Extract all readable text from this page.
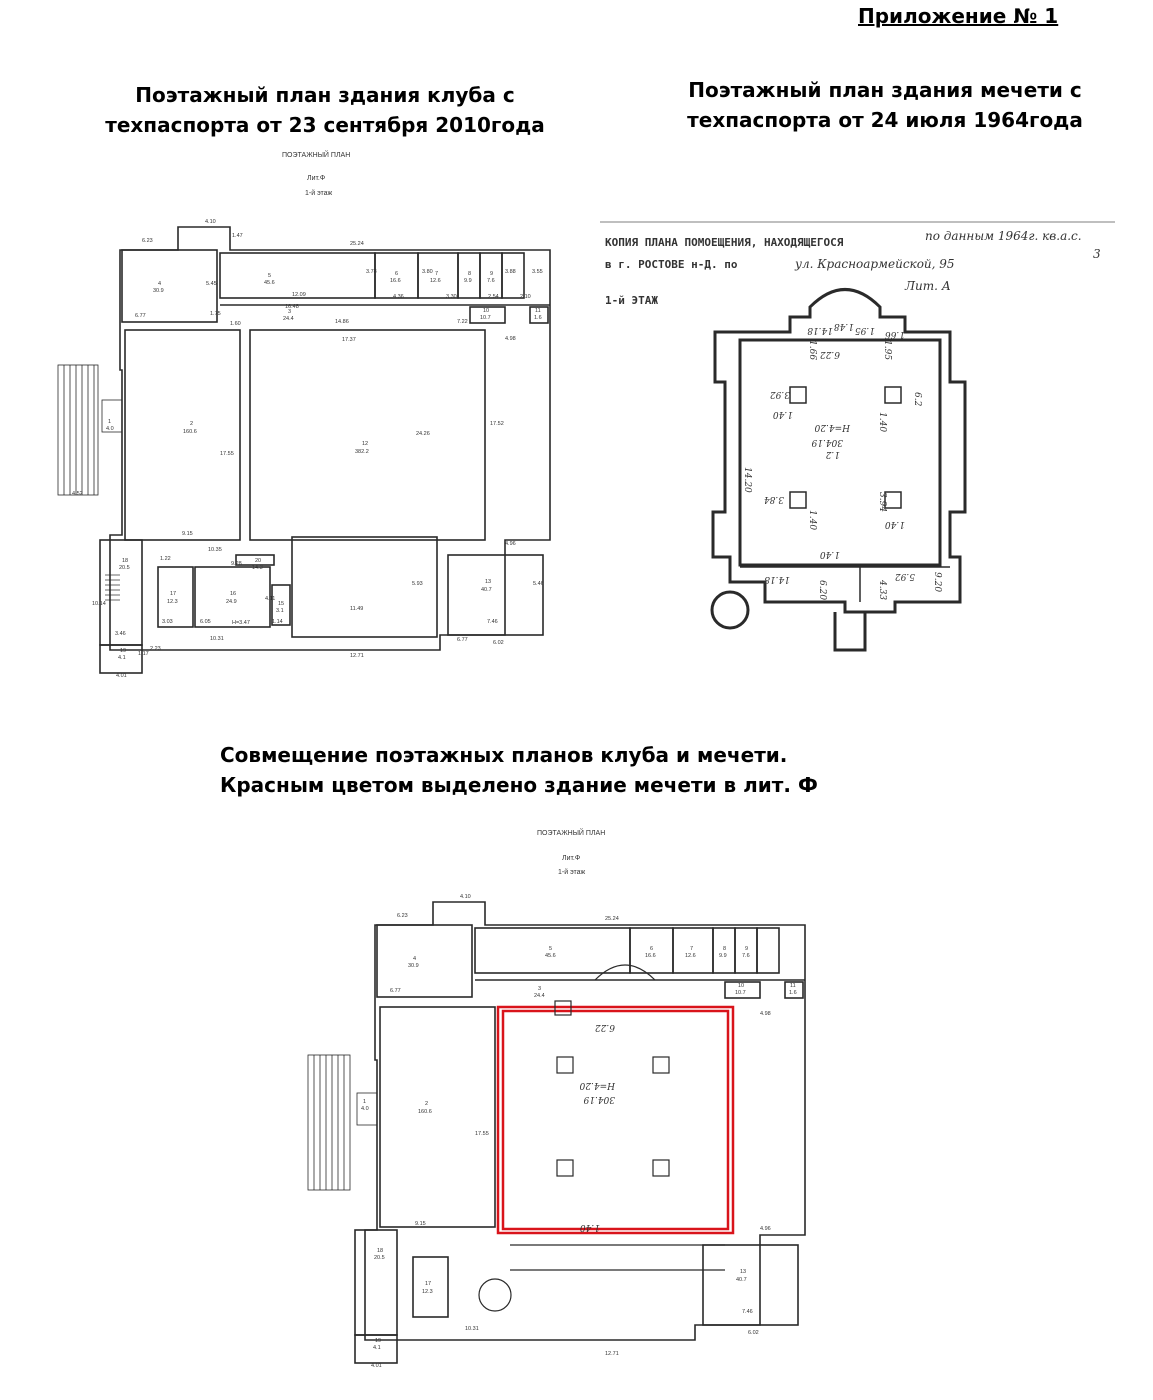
Приложение № 1
Поэтажный план здания клуба с
техпаспорта от 23 сентября 2010года
Поэтажный план здания мечети с
техпаспорта от 24 июля 1964года
Совмещение поэтажных планов клуба и мечети.
Красным цветом выделено здание мечети в лит. Ф
ПОЭТАЖНЫЙ ПЛАН
Лит.Ф
1-й этаж
4
30.9
5
45.6
6
16.6
7
12.6
8
9.9
9
7.6
3
24.4
10
10.7
11
1.6
2
160.6
12
382.2
1
4.0
13
40.7
15
3.1
16
24.9
17
12.3
18
20.5
19
4.1
20
14.3
Н=3.47
4.10
6.23
1.47
25.24
5.45
3.78	3.80	3.88	3.55
12.09	4.36	3.30	2.54	2.10
16.48
14.86	7.22
6.77	1.75
1.60
17.37	4.98
17.52
24.26
17.55
9.15
10.35
9.28
1.22
4.52
10.14
3.03	6.05
10.31
1.14
4.11
5.93
11.49
4.96
5.46
7.46
6.77	6.02
12.71
3.46
1.17
2.23
4.01
КОПИЯ ПЛАНА ПОМОЕЩЕНИЯ, НАХОДЯЩЕГОСЯ
в г. РОСТОВЕ н-Д. по
1-й ЭТАЖ
по данным 1964г. кв.а.с.
3
ул. Красноармейской, 95
Лит. А
1.2
304.19
Н=4.20
6.22
14.20
1.40
3.92
1.40
6.2
1.40
3.84
1.40
3.94
1.40
14.18
6.20	4.33
5.92 9.20
14.18 1.48 1.95
1.66	1.95
1.66
ПОЭТАЖНЫЙ ПЛАН
Лит.Ф
1-й этаж
304.19
Н=4.20
6.22
1.40
4
30.9
5
45.6
6
16.6
7
12.6
8
9.9
9
7.6
3
24.4
10
10.7
11
1.6
2
160.6
1
4.0
13
40.7
17
12.3
18
20.5
19
4.1
4.10
6.23	25.24
6.77
4.98
17.55
9.15
4.96
12.71
7.46
6.02
10.31
4.01
